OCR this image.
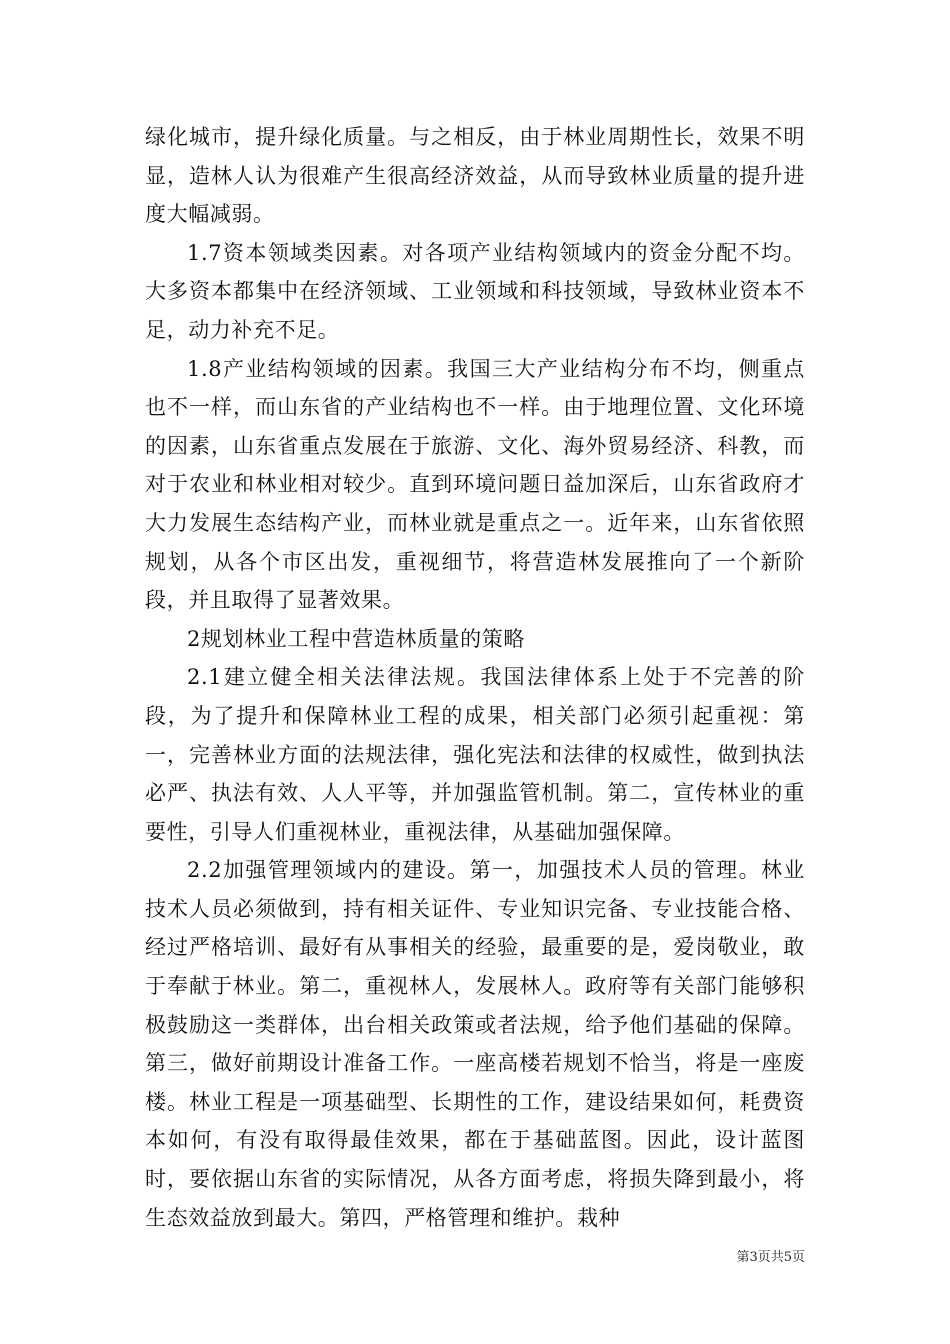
绿化城市，提升绿化质量。与之相反，由于林业周期性长，效果不明显，造林人认为很难产生很高经济效益，从而导致林业质量的提升进度大幅减弱。

1.7资本领域类因素。对各项产业结构领域内的资金分配不均。大多资本都集中在经济领域、工业领域和科技领域，导致林业资本不足，动力补充不足。

1.8产业结构领域的因素。我国三大产业结构分布不均，侧重点也不一样，而山东省的产业结构也不一样。由于地理位置、文化环境的因素，山东省重点发展在于旅游、文化、海外贸易经济、科教，而对于农业和林业相对较少。直到环境问题日益加深后，山东省政府才大力发展生态结构产业，而林业就是重点之一。近年来，山东省依照规划，从各个市区出发，重视细节，将营造林发展推向了一个新阶段，并且取得了显著效果。

2规划林业工程中营造林质量的策略

2.1建立健全相关法律法规。我国法律体系上处于不完善的阶段，为了提升和保障林业工程的成果，相关部门必须引起重视：第一，完善林业方面的法规法律，强化宪法和法律的权威性，做到执法必严、执法有效、人人平等，并加强监管机制。第二，宣传林业的重要性，引导人们重视林业，重视法律，从基础加强保障。

2.2加强管理领域内的建设。第一，加强技术人员的管理。林业技术人员必须做到，持有相关证件、专业知识完备、专业技能合格、经过严格培训、最好有从事相关的经验，最重要的是，爱岗敬业，敢于奉献于林业。第二，重视林人，发展林人。政府等有关部门能够积极鼓励这一类群体，出台相关政策或者法规，给予他们基础的保障。第三，做好前期设计准备工作。一座高楼若规划不恰当，将是一座废楼。林业工程是一项基础型、长期性的工作，建设结果如何，耗费资本如何，有没有取得最佳效果，都在于基础蓝图。因此，设计蓝图时，要依据山东省的实际情况，从各方面考虑，将损失降到最小，将生态效益放到最大。第四，严格管理和维护。栽种

第3页共5页
